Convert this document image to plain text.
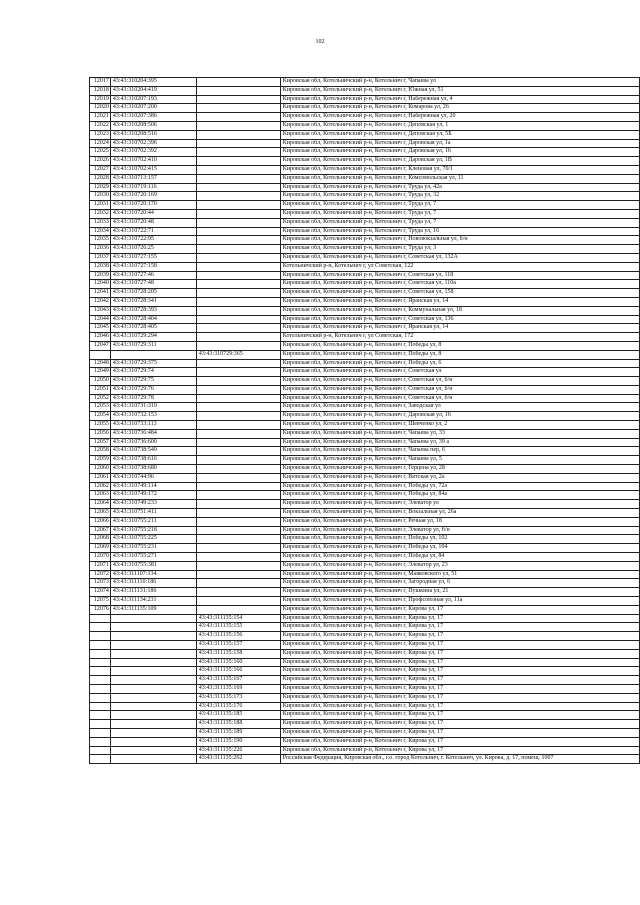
102
12017	43:43:310204:395		Кировская обл, Котельничский р-н, Котельнич г, Чапаева ул
12018	43:43:310204:419		Кировская обл, Котельничский р-н, Котельнич г, Южная ул, 51
12019	43:43:310207:193		Кировская обл, Котельничский р-н, Котельнич г, Набережная ул, 4
12020	43:43:310207:200		Кировская обл, Котельничский р-н, Котельнич г, Комарова ул, 26
12021	43:43:310207:386		Кировская обл, Котельничский р-н, Котельнич г, Набережная ул, 20
12022	43:43:310208:506		Кировская обл, Котельничский р-н, Котельнич г, Деповская ул, 1
12023	43:43:310208:516		Кировская обл, Котельничский р-н, Котельнич г, Деповская ул, 5Б
12024	43:43:310702:396		Кировская обл, Котельничский р-н, Котельнич г, Даровская ул, 1а
12025	43:43:310702:392		Кировская обл, Котельничский р-н, Котельнич г, Даровская ул, 16
12026	43:43:310702:410		Кировская обл, Котельничский р-н, Котельнич г, Даровская ул, 1В
12027	43:43:310702:415		Кировская обл, Котельничский р-н, Котельнич г, Кленовая ул, 70/1
12028	43:43:310713:157		Кировская обл, Котельничский р-н, Котельнич г, Комсомольская ул, 11
12029	43:43:310719:116		Кировская обл, Котельничский р-н, Котельнич г, Труда ул, 42а
12030	43:43:310720:169		Кировская обл, Котельничский р-н, Котельнич г, Труда ул, 32
12031	43:43:310720:170		Кировская обл, Котельничский р-н, Котельнич г, Труда ул, 7
12032	43:43:310720:44		Кировская обл, Котельничский р-н, Котельнич г, Труда ул, 7
12033	43:43:310720:48		Кировская обл, Котельничский р-н, Котельнич г, Труда ул, 7
12034	43:43:310722:71		Кировская обл, Котельничский р-н, Котельнич г, Труда ул, 16
12035	43:43:310722:95		Кировская обл, Котельничский р-н, Котельнич г, Нововокзальная ул, б/н
12036	43:43:310726:25		Кировская обл, Котельничский р-н, Котельнич г, Труда ул, 3
12037	43:43:310727:155		Кировская обл, Котельничский р-н, Котельнич г, Советская ул, 132А
12038	43:43:310727:158		Котельничский р-н, Котельнич г, ул Советская, 122
12039	43:43:310727:46		Кировская обл, Котельничский р-н, Котельнич г, Советская ул, 118
12040	43:43:310727:48		Кировская обл, Котельничский р-н, Котельнич г, Советская ул, 110а
12041	43:43:310728:205		Кировская обл, Котельничский р-н, Котельнич г, Советская ул, 158
12042	43:43:310728:341		Кировская обл, Котельничский р-н, Котельнич г, Яранская ул, 14
12043	43:43:310728:393		Кировская обл, Котельничский р-н, Котельнич г, Коммунальная ул, 18
12044	43:43:310728:404		Кировская обл, Котельничский р-н, Котельнич г, Советская ул, 136
12045	43:43:310728:405		Кировская обл, Котельничский р-н, Котельнич г, Яранская ул, 14
12046	43:43:310729:294		Котельничский р-н, Котельнич г, ул Советская, 172
12047	43:43:310729:311		Кировская обл, Котельничский р-н, Котельнич г, Победы ул, 8
		43:43:310729:365	Кировская обл, Котельничский р-н, Котельнич г, Победы ул, 8
12048	43:43:310729:375		Кировская обл, Котельничский р-н, Котельнич г, Победы ул, 6
12049	43:43:310729:74		Кировская обл, Котельничский р-н, Котельнич г, Советская ул
12050	43:43:310729:75		Кировская обл, Котельничский р-н, Котельнич г, Советская ул, б/н
12051	43:43:310729:76		Кировская обл, Котельничский р-н, Котельнич г, Советская ул, б/н
12052	43:43:310729:78		Кировская обл, Котельничский р-н, Котельнич г, Советская ул, б/н
12053	43:43:310731:319		Кировская обл, Котельничский р-н, Котельнич г, Заводская ул
12054	43:43:310732:153		Кировская обл, Котельничский р-н, Котельнич г, Даровская ул, 16
12055	43:43:310733:113		Кировская обл, Котельничский р-н, Котельнич г, Шевченко ул, 2
12056	43:43:310736:484		Кировская обл, Котельничский р-н, Котельнич г, Чапаева ул, 33
12057	43:43:310736:600		Кировская обл, Котельничский р-н, Котельнич г, Чапаева ул, 39 а
12058	43:43:310738:549		Кировская обл, Котельничский р-н, Котельнич г, Чапаева пер, 6
12059	43:43:310738:616		Кировская обл, Котельничский р-н, Котельнич г, Чапаева ул, 5
12060	43:43:310738:680		Кировская обл, Котельничский р-н, Котельнич г, Герцена ул, 28
12061	43:43:310744:96		Кировская обл, Котельничский р-н, Котельнич г, Вятская ул, 2а
12062	43:43:310749:114		Кировская обл, Котельничский р-н, Котельнич г, Победы ул, 72а
12063	43:43:310749:172		Кировская обл, Котельничский р-н, Котельнич г, Победы ул, 84а
12064	43:43:310749:233		Кировская обл, Котельничский р-н, Котельнич г, Элеватор ул
12065	43:43:310751:411		Кировская обл, Котельничский р-н, Котельнич г, Вокзальная ул, 26а
12066	43:43:310755:211		Кировская обл, Котельничский р-н, Котельнич г, Речная ул, 18
12067	43:43:310755:218		Кировская обл, Котельничский р-н, Котельнич г, Элеватор ул, б/н
12068	43:43:310755:225		Кировская обл, Котельничский р-н, Котельнич г, Победы ул, 102
12069	43:43:310755:231		Кировская обл, Котельничский р-н, Котельнич г, Победы ул, 104
12070	43:43:310755:271		Кировская обл, Котельничский р-н, Котельнич г, Победы ул, 84
12071	43:43:310755:381		Кировская обл, Котельничский р-н, Котельнич г, Элеватор ул, 23
12072	43:43:311107:134		Кировская обл, Котельничский р-н, Котельнич г, Маяковского ул, 51
12073	43:43:311110:186		Кировская обл, Котельничский р-н, Котельнич г, Загородная ул, 6
12074	43:43:311131:186		Кировская обл, Котельничский р-н, Котельнич г, Пушкина ул, 21
12075	43:43:311134:231		Кировская обл, Котельничский р-н, Котельнич г, Профсоюзная ул, 11а
12076	43:43:311135:109		Кировская обл, Котельничский р-н, Котельнич г, Кирова ул, 17
		43:43:311135:154	Кировская обл, Котельничский р-н, Котельнич г, Кирова ул, 17
		43:43:311135:155	Кировская обл, Котельничский р-н, Котельнич г, Кирова ул, 17
		43:43:311135:156	Кировская обл, Котельничский р-н, Котельнич г, Кирова ул, 17
		43:43:311135:157	Кировская обл, Котельничский р-н, Котельнич г, Кирова ул, 17
		43:43:311135:158	Кировская обл, Котельничский р-н, Котельнич г, Кирова ул, 17
		43:43:311135:160	Кировская обл, Котельничский р-н, Котельнич г, Кирова ул, 17
		43:43:311135:166	Кировская обл, Котельничский р-н, Котельнич г, Кирова ул, 17
		43:43:311135:167	Кировская обл, Котельничский р-н, Котельнич г, Кирова ул, 17
		43:43:311135:169	Кировская обл, Котельничский р-н, Котельнич г, Кирова ул, 17
		43:43:311135:173	Кировская обл, Котельничский р-н, Котельнич г, Кирова ул, 17
		43:43:311135:176	Кировская обл, Котельничский р-н, Котельнич г, Кирова ул, 17
		43:43:311135:185	Кировская обл, Котельничский р-н, Котельнич г, Кирова ул, 17
		43:43:311135:188	Кировская обл, Котельничский р-н, Котельнич г, Кирова ул, 17
		43:43:311135:189	Кировская обл, Котельничский р-н, Котельнич г, Кирова ул, 17
		43:43:311135:190	Кировская обл, Котельничский р-н, Котельнич г, Кирова ул, 17
		43:43:311135:226	Кировская обл, Котельничский р-н, Котельнич г, Кирова ул, 17
		43:43:311135:262	Российская Федерация, Кировская обл., г.о. город Котельнич, г. Котельнич, ул. Кирова, д. 17, помещ. 1007
